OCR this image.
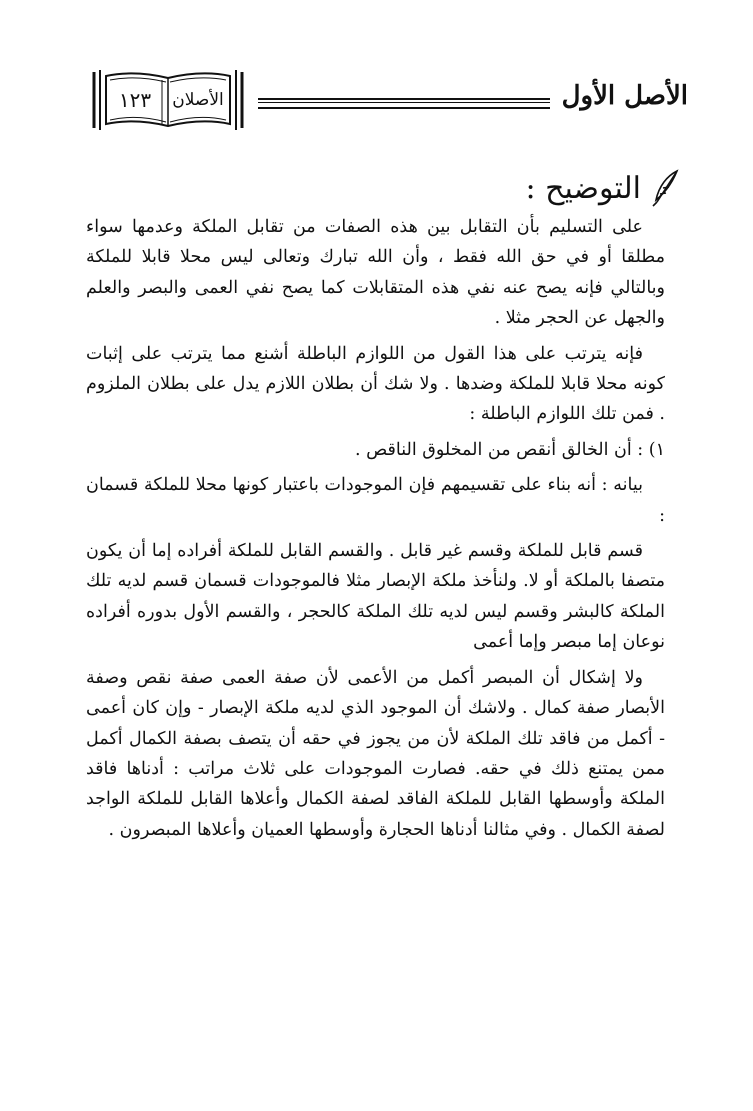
١٢٣	الأصلان	الأصل الأول
التوضيح :

على التسليم بأن التقابل بين هذه الصفات من تقابل الملكة وعدمها سواء مطلقا أو في حق الله فقط ، وأن الله تبارك وتعالى ليس محلا قابلا للملكة وبالتالي فإنه يصح عنه نفي هذه المتقابلات كما يصح نفي العمى والبصر والعلم والجهل عن الحجر مثلا .

فإنه يترتب على هذا القول من اللوازم الباطلة أشنع مما يترتب على إثبات كونه محلا قابلا للملكة وضدها . ولا شك أن بطلان اللازم يدل على بطلان الملزوم . فمن تلك اللوازم الباطلة :

١) : أن الخالق أنقص من المخلوق الناقص .

بيانه : أنه بناء على تقسيمهم فإن الموجودات باعتبار كونها محلا للملكة قسمان :

قسم قابل للملكة وقسم غير قابل . والقسم القابل للملكة أفراده إما أن يكون متصفا بالملكة أو لا. ولنأخذ ملكة الإبصار مثلا فالموجودات قسمان قسم لديه تلك الملكة كالبشر وقسم ليس لديه تلك الملكة كالحجر ، والقسم الأول بدوره أفراده نوعان إما مبصر وإما أعمى

ولا إشكال أن المبصر أكمل من الأعمى لأن صفة العمى صفة نقص وصفة الأبصار صفة كمال . ولاشك أن الموجود الذي لديه ملكة الإبصار - وإن كان أعمى - أكمل من فاقد تلك الملكة لأن من يجوز في حقه أن يتصف بصفة الكمال أكمل ممن يمتنع ذلك في حقه. فصارت الموجودات على ثلاث مراتب : أدناها فاقد الملكة وأوسطها القابل للملكة الفاقد لصفة الكمال وأعلاها القابل للملكة الواجد لصفة الكمال . وفي مثالنا أدناها الحجارة وأوسطها العميان وأعلاها المبصرون .
